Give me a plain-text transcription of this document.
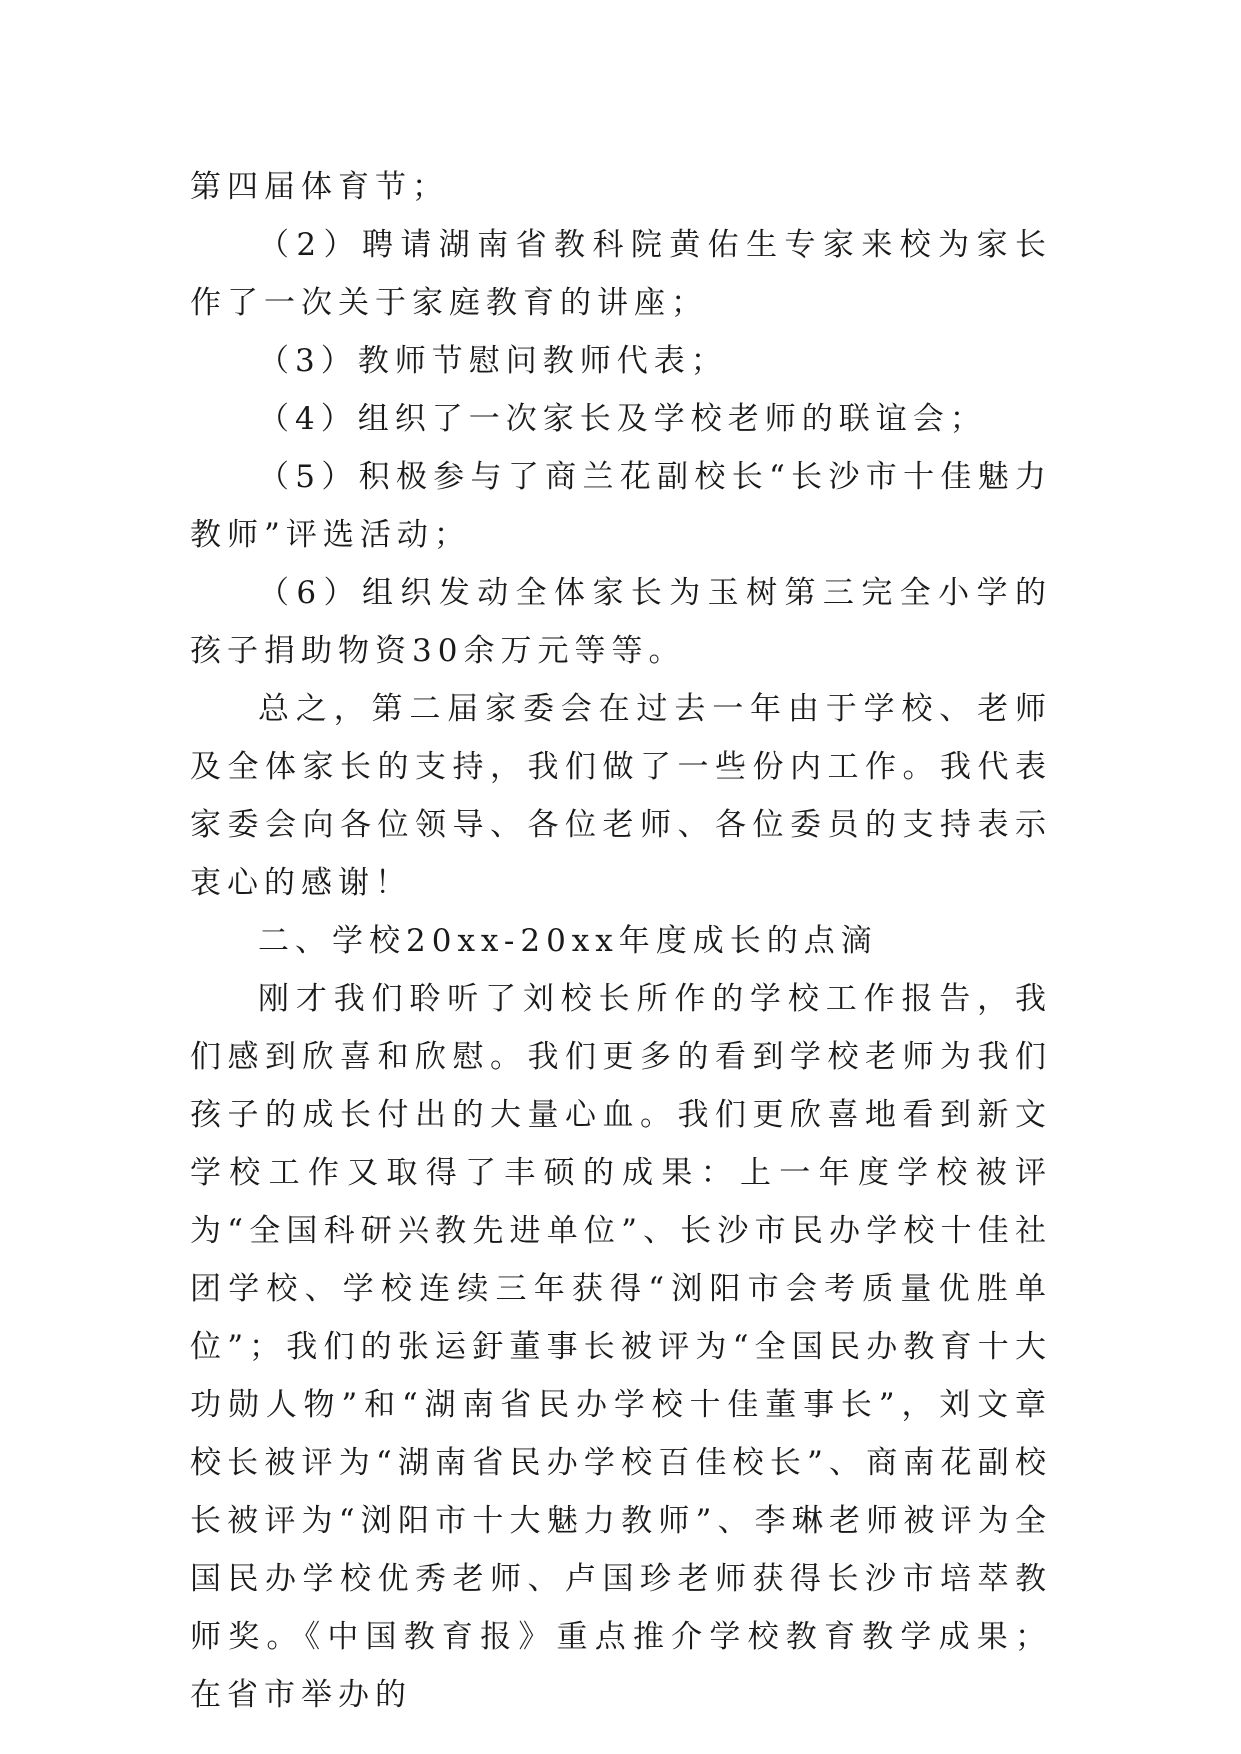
第四届体育节；

（2）聘请湖南省教科院黄佑生专家来校为家长作了一次关于家庭教育的讲座；

（3）教师节慰问教师代表；

（4）组织了一次家长及学校老师的联谊会；

（5）积极参与了商兰花副校长“长沙市十佳魅力教师”评选活动；

（6）组织发动全体家长为玉树第三完全小学的孩子捐助物资30余万元等等。

总之，第二届家委会在过去一年由于学校、老师及全体家长的支持，我们做了一些份内工作。我代表家委会向各位领导、各位老师、各位委员的支持表示衷心的感谢！

二、学校20xx-20xx年度成长的点滴

刚才我们聆听了刘校长所作的学校工作报告，我们感到欣喜和欣慰。我们更多的看到学校老师为我们孩子的成长付出的大量心血。我们更欣喜地看到新文学校工作又取得了丰硕的成果：上一年度学校被评为“全国科研兴教先进单位”、长沙市民办学校十佳社团学校、学校连续三年获得“浏阳市会考质量优胜单位”；我们的张运釪董事长被评为“全国民办教育十大功勋人物”和“湖南省民办学校十佳董事长”，刘文章校长被评为“湖南省民办学校百佳校长”、商南花副校长被评为“浏阳市十大魅力教师”、李琳老师被评为全国民办学校优秀老师、卢国珍老师获得长沙市培萃教师奖。《中国教育报》重点推介学校教育教学成果；在省市举办的
